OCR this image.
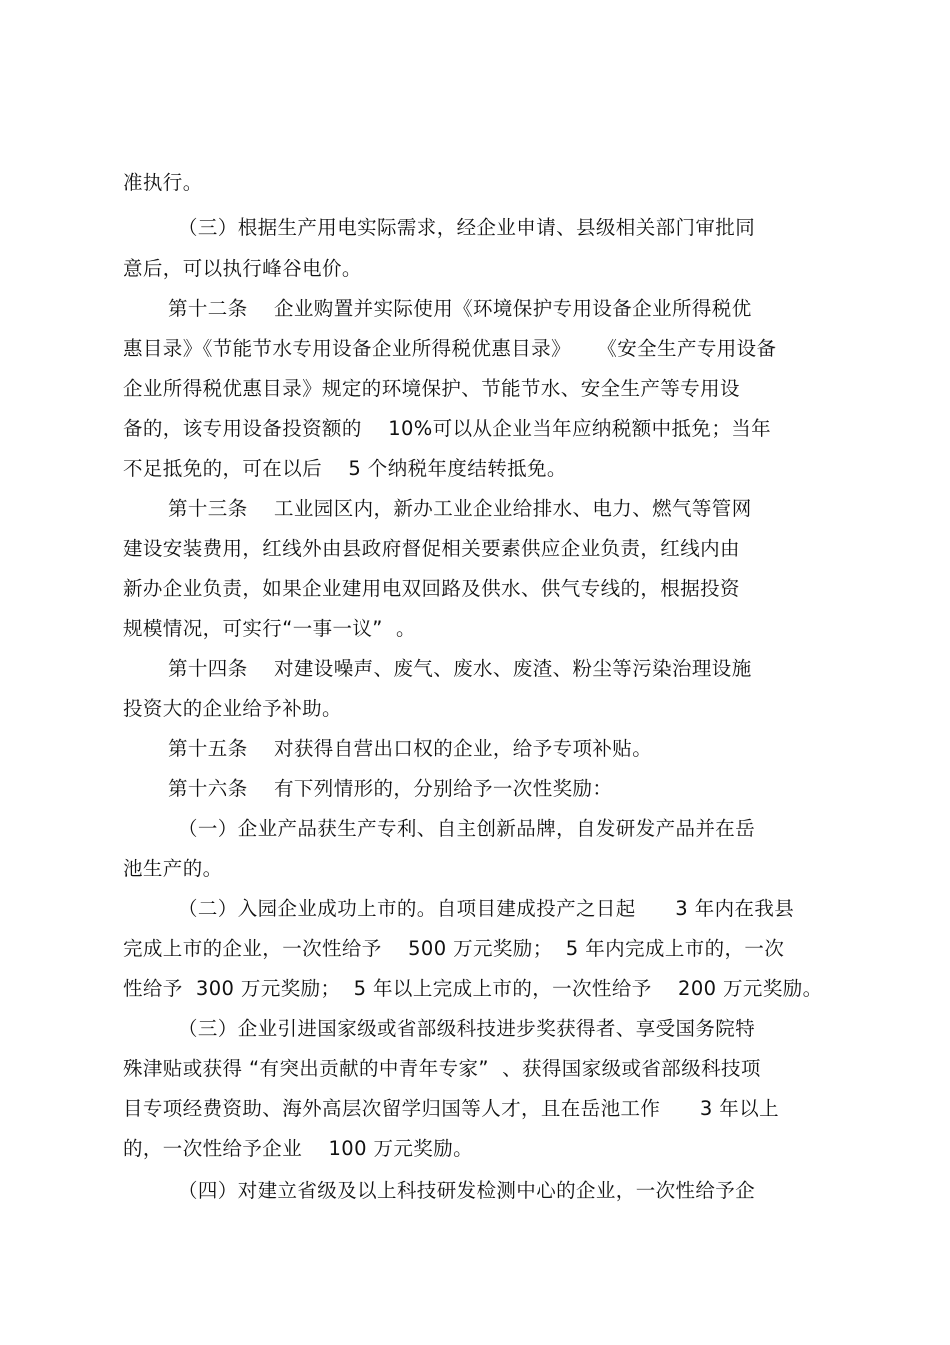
准执行。
（三）根据生产用电实际需求，经企业申请、县级相关部门审批同
意后，可以执行峰谷电价。
第十二条    企业购置并实际使用《环境保护专用设备企业所得税优
惠目录》《节能节水专用设备企业所得税优惠目录》    《安全生产专用设备
企业所得税优惠目录》规定的环境保护、节能节水、安全生产等专用设
备的，该专用设备投资额的    10%可以从企业当年应纳税额中抵免；当年
不足抵免的，可在以后    5 个纳税年度结转抵免。
第十三条    工业园区内，新办工业企业给排水、电力、燃气等管网
建设安装费用，红线外由县政府督促相关要素供应企业负责，红线内由
新办企业负责，如果企业建用电双回路及供水、供气专线的，根据投资
规模情况，可实行“一事一议”  。
第十四条    对建设噪声、废气、废水、废渣、粉尘等污染治理设施
投资大的企业给予补助。
第十五条    对获得自营出口权的企业，给予专项补贴。
第十六条    有下列情形的，分别给予一次性奖励：
（一）企业产品获生产专利、自主创新品牌，自发研发产品并在岳
池生产的。
（二）入园企业成功上市的。自项目建成投产之日起      3 年内在我县
完成上市的企业，一次性给予    500 万元奖励；  5 年内完成上市的，一次
性给予  300 万元奖励；  5 年以上完成上市的，一次性给予    200 万元奖励。
（三）企业引进国家级或省部级科技进步奖获得者、享受国务院特
殊津贴或获得 “有突出贡献的中青年专家”  、获得国家级或省部级科技项
目专项经费资助、海外高层次留学归国等人才，且在岳池工作      3 年以上
的，一次性给予企业    100 万元奖励。
（四）对建立省级及以上科技研发检测中心的企业，一次性给予企
